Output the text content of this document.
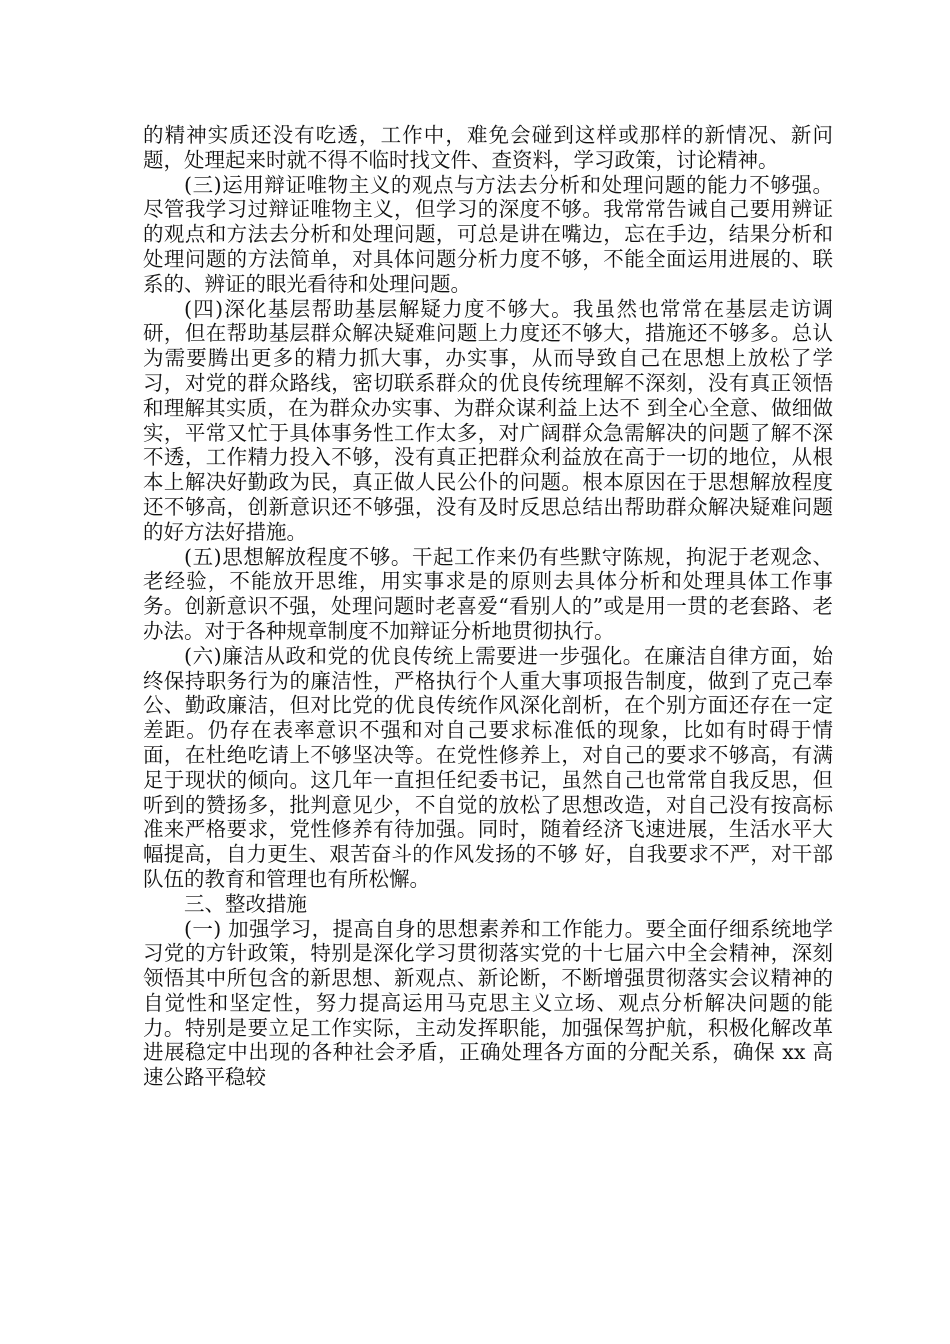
的精神实质还没有吃透，工作中，难免会碰到这样或那样的新情况、新问题，处理起来时就不得不临时找文件、查资料，学习政策，讨论精神。

(三)运用辩证唯物主义的观点与方法去分析和处理问题的能力不够强。尽管我学习过辩证唯物主义，但学习的深度不够。我常常告诫自己要用辨证的观点和方法去分析和处理问题，可总是讲在嘴边，忘在手边，结果分析和处理问题的方法简单，对具体问题分析力度不够，不能全面运用进展的、联系的、辨证的眼光看待和处理问题。

(四)深化基层帮助基层解疑力度不够大。我虽然也常常在基层走访调研，但在帮助基层群众解决疑难问题上力度还不够大，措施还不够多。总认为需要腾出更多的精力抓大事，办实事，从而导致自己在思想上放松了学习，对党的群众路线，密切联系群众的优良传统理解不深刻，没有真正领悟和理解其实质，在为群众办实事、为群众谋利益上达不 到全心全意、做细做实，平常又忙于具体事务性工作太多，对广阔群众急需解决的问题了解不深不透，工作精力投入不够，没有真正把群众利益放在高于一切的地位，从根本上解决好勤政为民，真正做人民公仆的问题。根本原因在于思想解放程度还不够高，创新意识还不够强，没有及时反思总结出帮助群众解决疑难问题的好方法好措施。

(五)思想解放程度不够。干起工作来仍有些默守陈规，拘泥于老观念、老经验，不能放开思维，用实事求是的原则去具体分析和处理具体工作事务。创新意识不强，处理问题时老喜爱“看别人的”或是用一贯的老套路、老办法。对于各种规章制度不加辩证分析地贯彻执行。

(六)廉洁从政和党的优良传统上需要进一步强化。在廉洁自律方面，始终保持职务行为的廉洁性，严格执行个人重大事项报告制度，做到了克己奉公、勤政廉洁，但对比党的优良传统作风深化剖析，在个别方面还存在一定差距。仍存在表率意识不强和对自己要求标准低的现象，比如有时碍于情面，在杜绝吃请上不够坚决等。在党性修养上，对自己的要求不够高，有满足于现状的倾向。这几年一直担任纪委书记，虽然自己也常常自我反思，但听到的赞扬多，批判意见少，不自觉的放松了思想改造，对自己没有按高标准来严格要求，党性修养有待加强。同时，随着经济飞速进展，生活水平大幅提高，自力更生、艰苦奋斗的作风发扬的不够 好，自我要求不严，对干部队伍的教育和管理也有所松懈。

三、整改措施

(一) 加强学习，提高自身的思想素养和工作能力。要全面仔细系统地学习党的方针政策，特别是深化学习贯彻落实党的十七届六中全会精神，深刻领悟其中所包含的新思想、新观点、新论断，不断增强贯彻落实会议精神的自觉性和坚定性，努力提高运用马克思主义立场、观点分析解决问题的能力。特别是要立足工作实际，主动发挥职能，加强保驾护航，积极化解改革进展稳定中出现的各种社会矛盾，正确处理各方面的分配关系，确保 xx 高速公路平稳较
